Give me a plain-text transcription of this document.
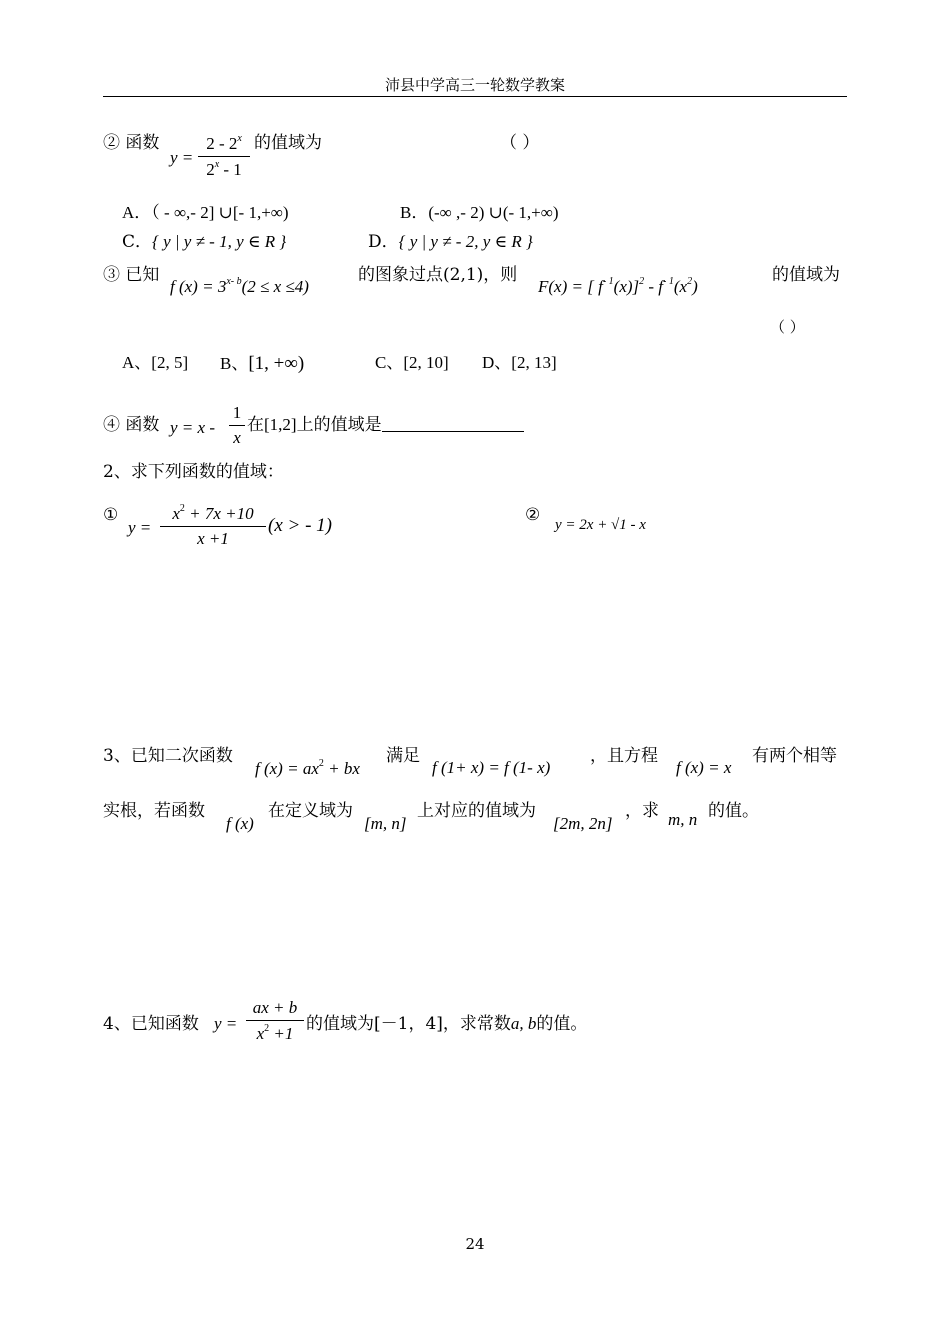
沛县中学高三一轮数学教案
② 函数
y =
2 - 2$^x$
2$^x$ - 1
的值域为	（ ）
A．（ - ∞,- 2] ∪[- 1,+∞)	B．(-∞ ,- 2) ∪(- 1,+∞)
C．{ y | y ≠ - 1, y ∈ R }	D．{ y | y ≠ - 2, y ∈ R }
③ 已知
f $(x) = 3^{x- b}(2 \le x \le 4)$
的图象过点(2,1)，则
F(x) = [ $f^{- 1}(x)]^2 - f^{- 1}(x^2)$
的值域为
（ ）
A、[2, 5] B、[1, +∞)	C、[2, 10] D、[2, 13]
④ 函数 y = x -
1
x
在[1,2]上的值域是
2、求下列函数的值域：
①
y =
$x^2 + 7x +10$
x +1
(x > - 1)	② y = 2x + √1 - x
3、已知二次函数
f $(x) = ax^2$ + bx
满足
f (1+ x) = f (1- x)
，且方程
f (x) = x
有两个相等
实根，若函数
f (x)
在定义域为
[m, n]
上对应的值域为
[2m, 2n]
，求 m, n 的值。
4、已知函数 y =
ax + b
$x^2 +1$ 的值域为[－1，4]，求常数a, b的值。
24
